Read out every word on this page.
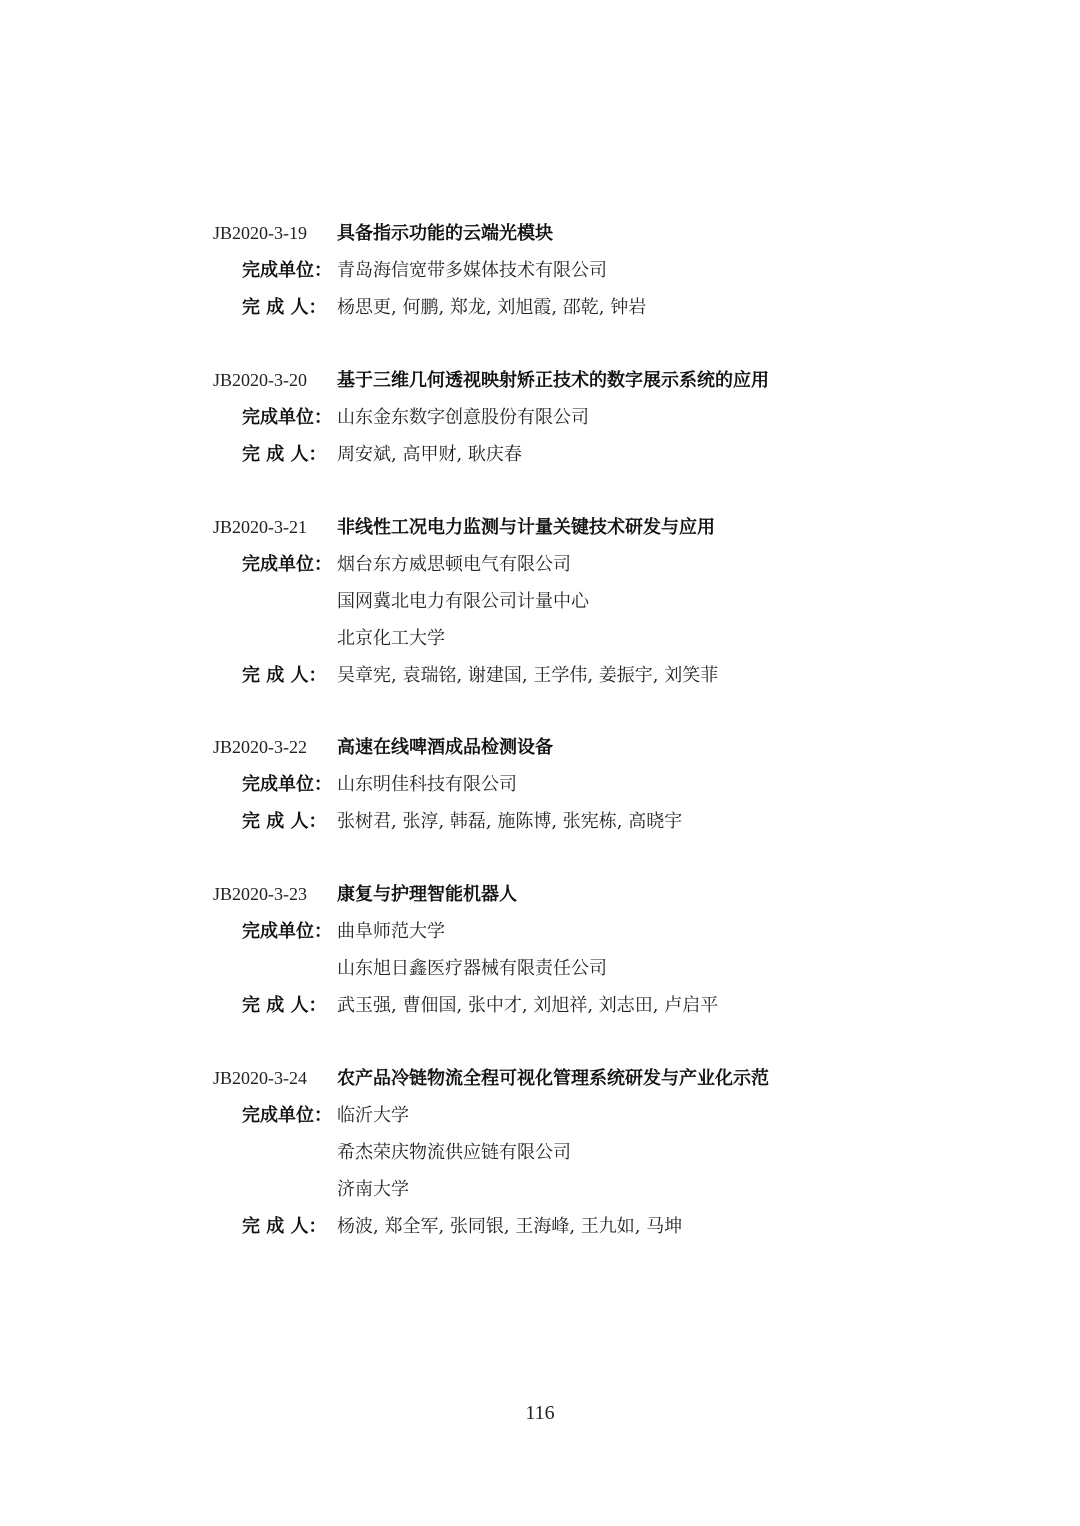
JB2020-3-19 具备指示功能的云端光模块
完成单位： 青岛海信宽带多媒体技术有限公司
完 成 人： 杨思更, 何鹏, 郑龙, 刘旭霞, 邵乾, 钟岩
JB2020-3-20 基于三维几何透视映射矫正技术的数字展示系统的应用
完成单位： 山东金东数字创意股份有限公司
完 成 人： 周安斌, 高甲财, 耿庆春
JB2020-3-21 非线性工况电力监测与计量关键技术研发与应用
完成单位： 烟台东方威思顿电气有限公司
国网冀北电力有限公司计量中心
北京化工大学
完 成 人： 吴章宪, 袁瑞铭, 谢建国, 王学伟, 姜振宇, 刘笑菲
JB2020-3-22 高速在线啤酒成品检测设备
完成单位： 山东明佳科技有限公司
完 成 人： 张树君, 张淳, 韩磊, 施陈博, 张宪栋, 高晓宇
JB2020-3-23 康复与护理智能机器人
完成单位： 曲阜师范大学
山东旭日鑫医疗器械有限责任公司
完 成 人： 武玉强, 曹佃国, 张中才, 刘旭祥, 刘志田, 卢启平
JB2020-3-24 农产品冷链物流全程可视化管理系统研发与产业化示范
完成单位： 临沂大学
希杰荣庆物流供应链有限公司
济南大学
完 成 人： 杨波, 郑全军, 张同银, 王海峰, 王九如, 马坤
116
